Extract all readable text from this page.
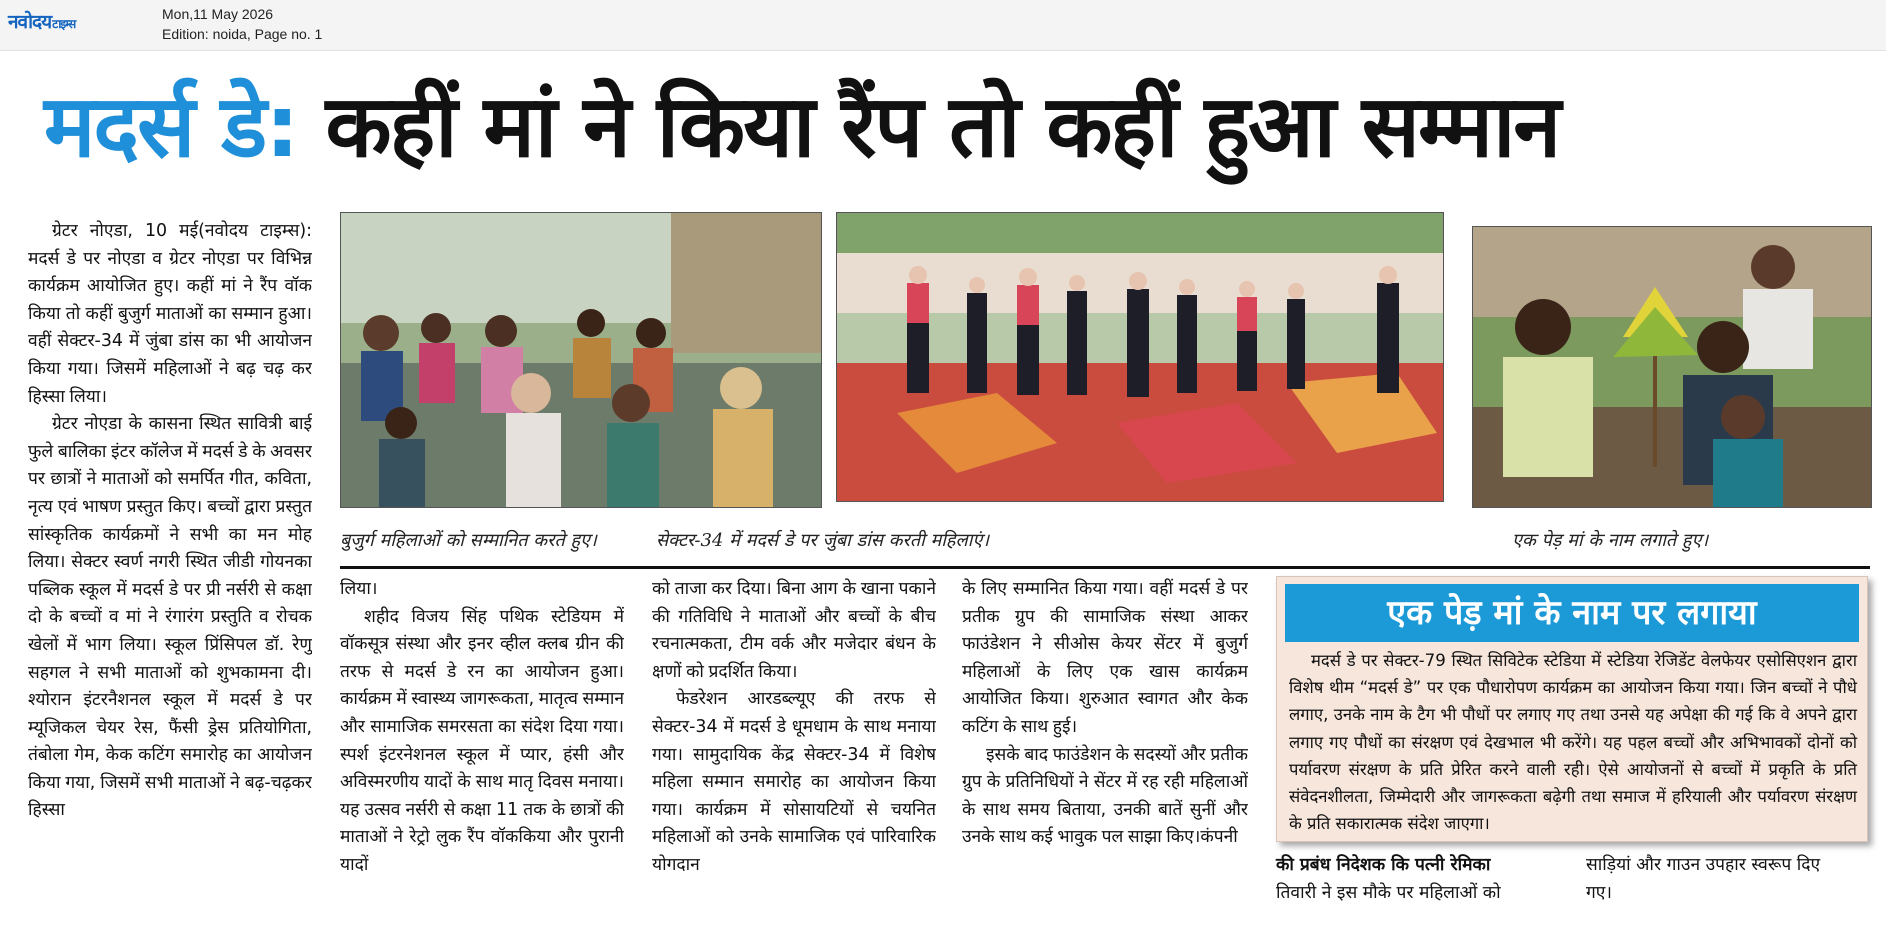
नवोदयटाइम्स
Mon,11 May 2026
Edition: noida, Page no. 1
मदर्स डे: कहीं मां ने किया रैंप तो कहीं हुआ सम्मान
बुजुर्ग महिलाओं को सम्मानित करते हुए।	सेक्टर-34 में मदर्स डे पर जुंबा डांस करती महिलाएं।	एक पेड़ मां के नाम लगाते हुए।

ग्रेटर नोएडा, 10 मई(नवोदय टाइम्स): मदर्स डे पर नोएडा व ग्रेटर नोएडा पर विभिन्न कार्यक्रम आयोजित हुए। कहीं मां ने रैंप वॉक किया तो कहीं बुजुर्ग माताओं का सम्मान हुआ। वहीं सेक्टर-34 में जुंबा डांस का भी आयोजन किया गया। जिसमें महिलाओं ने बढ़ चढ़ कर हिस्सा लिया।

ग्रेटर नोएडा के कासना स्थित सावित्री बाई फुले बालिका इंटर कॉलेज में मदर्स डे के अवसर पर छात्रों ने माताओं को समर्पित गीत, कविता, नृत्य एवं भाषण प्रस्तुत किए। बच्चों द्वारा प्रस्तुत सांस्कृतिक कार्यक्रमों ने सभी का मन मोह लिया। सेक्टर स्वर्ण नगरी स्थित जीडी गोयनका पब्लिक स्कूल में मदर्स डे पर प्री नर्सरी से कक्षा दो के बच्चों व मां ने रंगारंग प्रस्तुति व रोचक खेलों में भाग लिया। स्कूल प्रिंसिपल डॉ. रेणु सहगल ने सभी माताओं को शुभकामना दी। श्योरान इंटरनैशनल स्कूल में मदर्स डे पर म्यूजिकल चेयर रेस, फैंसी ड्रेस प्रतियोगिता, तंबोला गेम, केक कटिंग समारोह का आयोजन किया गया, जिसमें सभी माताओं ने बढ़-चढ़कर हिस्सा

लिया।

शहीद विजय सिंह पथिक स्टेडियम में वॉकसूत्र संस्था और इनर व्हील क्लब ग्रीन की तरफ से मदर्स डे रन का आयोजन हुआ। कार्यक्रम में स्वास्थ्य जागरूकता, मातृत्व सम्मान और सामाजिक समरसता का संदेश दिया गया। स्पर्श इंटरनेशनल स्कूल में प्यार, हंसी और अविस्मरणीय यादों के साथ मातृ दिवस मनाया। यह उत्सव नर्सरी से कक्षा 11 तक के छात्रों की माताओं ने रेट्रो लुक रैंप वॉककिया और पुरानी यादों

को ताजा कर दिया। बिना आग के खाना पकाने की गतिविधि ने माताओं और बच्चों के बीच रचनात्मकता, टीम वर्क और मजेदार बंधन के क्षणों को प्रदर्शित किया।

फेडरेशन आरडब्ल्यूए की तरफ से सेक्टर-34 में मदर्स डे धूमधाम के साथ मनाया गया। सामुदायिक केंद्र सेक्टर-34 में विशेष महिला सम्मान समारोह का आयोजन किया गया। कार्यक्रम में सोसायटियों से चयनित महिलाओं को उनके सामाजिक एवं पारिवारिक योगदान

के लिए सम्मानित किया गया। वहीं मदर्स डे पर प्रतीक ग्रुप की सामाजिक संस्था आकर फाउंडेशन ने सीओस केयर सेंटर में बुजुर्ग महिलाओं के लिए एक खास कार्यक्रम आयोजित किया। शुरुआत स्वागत और केक कटिंग के साथ हुई।

इसके बाद फाउंडेशन के सदस्यों और प्रतीक ग्रुप के प्रतिनिधियों ने सेंटर में रह रही महिलाओं के साथ समय बिताया, उनकी बातें सुनीं और उनके साथ कई भावुक पल साझा किए।कंपनी

एक पेड़ मां के नाम पर लगाया

मदर्स डे पर सेक्टर-79 स्थित सिविटेक स्टेडिया में स्टेडिया रेजिडेंट वेलफेयर एसोसिएशन द्वारा विशेष थीम “मदर्स डे” पर एक पौधारोपण कार्यक्रम का आयोजन किया गया। जिन बच्चों ने पौधे लगाए, उनके नाम के टैग भी पौधों पर लगाए गए तथा उनसे यह अपेक्षा की गई कि वे अपने द्वारा लगाए गए पौधों का संरक्षण एवं देखभाल भी करेंगे। यह पहल बच्चों और अभिभावकों दोनों को पर्यावरण संरक्षण के प्रति प्रेरित करने वाली रही। ऐसे आयोजनों से बच्चों में प्रकृति के प्रति संवेदनशीलता, जिम्मेदारी और जागरूकता बढ़ेगी तथा समाज में हरियाली और पर्यावरण संरक्षण के प्रति सकारात्मक संदेश जाएगा।

की प्रबंध निदेशक कि पत्नी रेमिका
तिवारी ने इस मौके पर महिलाओं को
साड़ियां और गाउन उपहार स्वरूप दिए
गए।
